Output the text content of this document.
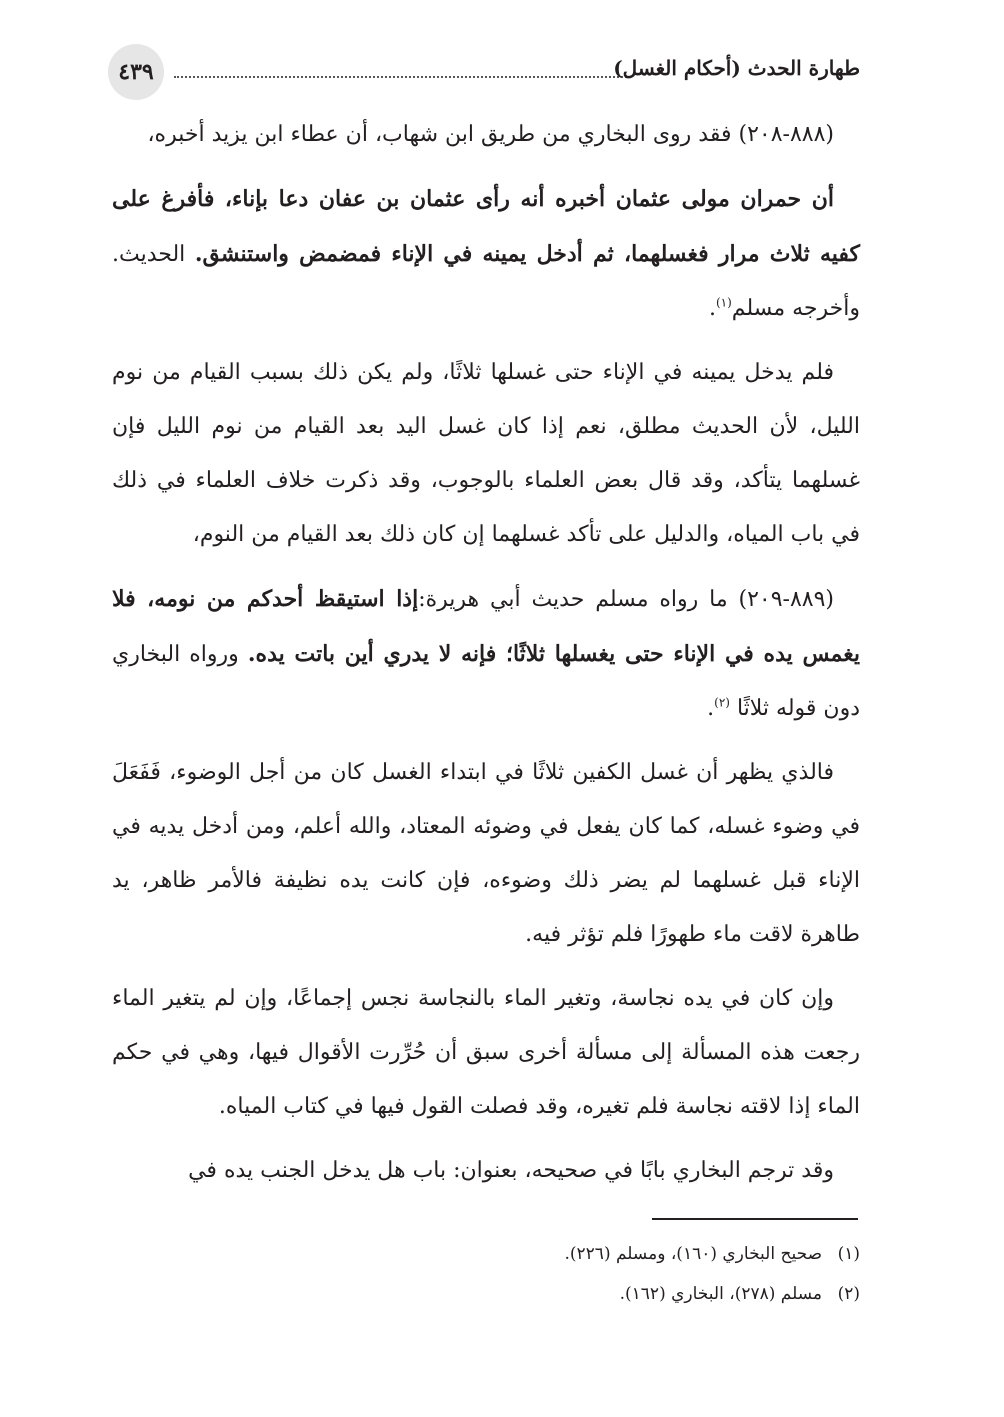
٤٣٩	طهارة الحدث (أحكام الغسل)

(٨٨٨-٢٠٨) فقد روى البخاري من طريق ابن شهاب، أن عطاء ابن يزيد أخبره،

أن حمران مولى عثمان أخبره أنه رأى عثمان بن عفان دعا بإناء، فأفرغ على كفيه ثلاث مرار فغسلهما، ثم أدخل يمينه في الإناء فمضمض واستنشق. الحديث. وأخرجه مسلم$^{(١)}$.

فلم يدخل يمينه في الإناء حتى غسلها ثلاثًا، ولم يكن ذلك بسبب القيام من نوم الليل، لأن الحديث مطلق، نعم إذا كان غسل اليد بعد القيام من نوم الليل فإن غسلهما يتأكد، وقد قال بعض العلماء بالوجوب، وقد ذكرت خلاف العلماء في ذلك في باب المياه، والدليل على تأكد غسلهما إن كان ذلك بعد القيام من النوم،

(٨٨٩-٢٠٩) ما رواه مسلم حديث أبي هريرة:إذا استيقظ أحدكم من نومه، فلا يغمس يده في الإناء حتى يغسلها ثلاثًا؛ فإنه لا يدري أين باتت يده. ورواه البخاري دون قوله ثلاثًا $^{(٢)}$.

فالذي يظهر أن غسل الكفين ثلاثًا في ابتداء الغسل كان من أجل الوضوء، فَفَعَلَ في وضوء غسله، كما كان يفعل في وضوئه المعتاد، والله أعلم، ومن أدخل يديه في الإناء قبل غسلهما لم يضر ذلك وضوءه، فإن كانت يده نظيفة فالأمر ظاهر، يد طاهرة لاقت ماء طهورًا فلم تؤثر فيه.

وإن كان في يده نجاسة، وتغير الماء بالنجاسة نجس إجماعًا، وإن لم يتغير الماء رجعت هذه المسألة إلى مسألة أخرى سبق أن حُرِّرت الأقوال فيها، وهي في حكم الماء إذا لاقته نجاسة فلم تغيره، وقد فصلت القول فيها في كتاب المياه.

وقد ترجم البخاري بابًا في صحيحه، بعنوان: باب هل يدخل الجنب يده في

(١)صحيح البخاري (١٦٠)، ومسلم (٢٢٦).
(٢)مسلم (٢٧٨)، البخاري (١٦٢).
